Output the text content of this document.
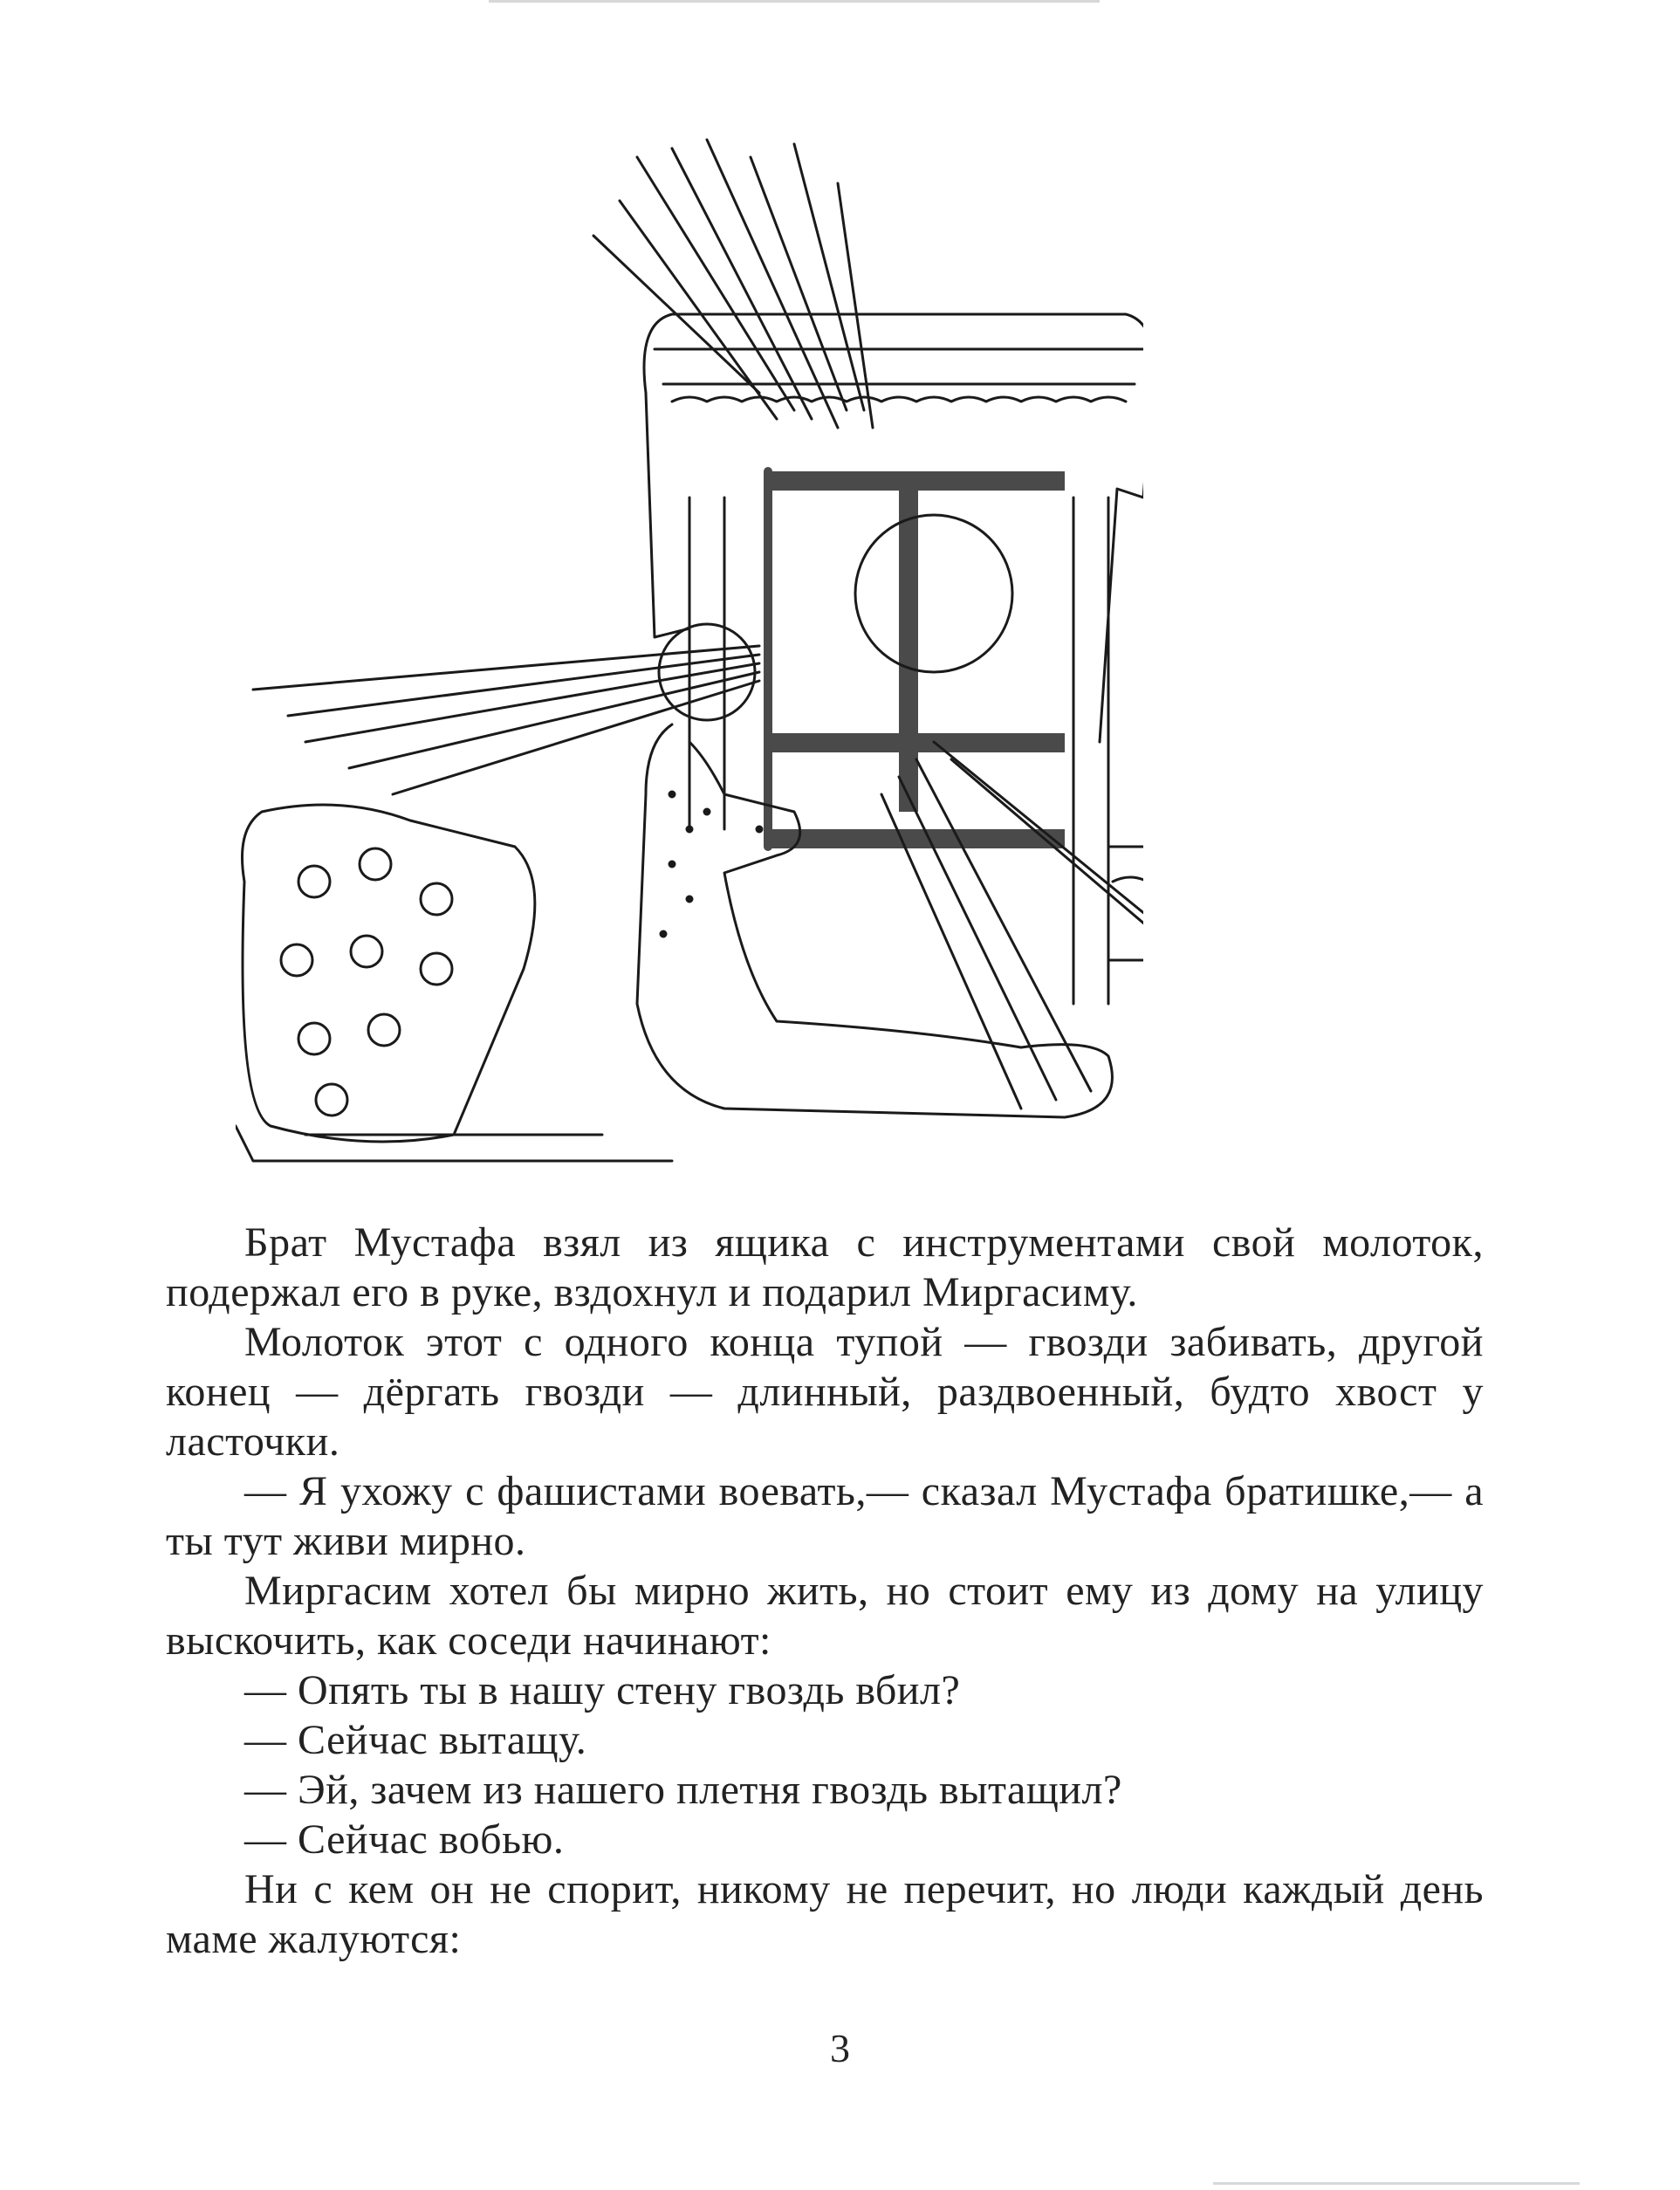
Брат Мустафа взял из ящика с инструментами свой молоток, подержал его в руке, вздохнул и подарил Миргасиму.

Молоток этот с одного конца тупой — гвозди забивать, другой конец — дёргать гвозди — длинный, раздвоенный, будто хвост у ласточки.

— Я ухожу с фашистами воевать,— сказал Мустафа братишке,— а ты тут живи мирно.

Миргасим хотел бы мирно жить, но стоит ему из дому на улицу выскочить, как соседи начинают:

— Опять ты в нашу стену гвоздь вбил?

— Сейчас вытащу.

— Эй, зачем из нашего плетня гвоздь вытащил?

— Сейчас вобью.

Ни с кем он не спорит, никому не перечит, но люди каждый день маме жалуются:

3
